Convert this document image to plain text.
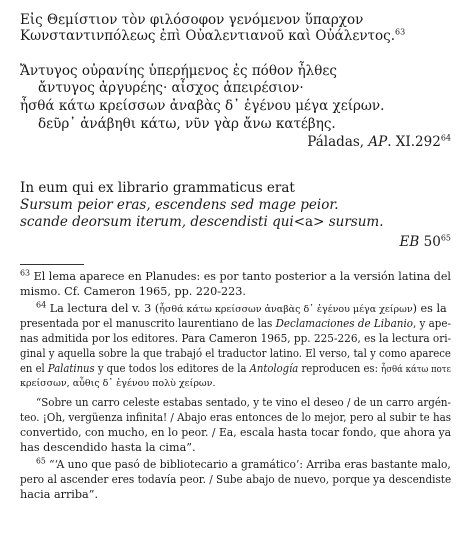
Εἰς Θεμίστιον τὸν φιλόσοφον γενόμενον ὕπαρχον
Κωνσταντινπόλεως ἐπὶ Οὐαλεντιανοῦ καὶ Οὐάλεντος.$^{63}$
Ἄντυγος οὐρανίης ὑπερήμενος ἐς πόθον ἦλθες
ἄντυγος ἀργυρέης· αἶσχος ἀπειρέσιον·
ἦσθά κάτω κρείσσων ἀναβὰς δ᾽ ἐγένου μέγα χείρων.
δεῦρ᾽ ἀνάβηθι κάτω, νῦν γὰρ ἄνω κατέβης.
Páladas, AP. XI.292$^{64}$
In eum qui ex librario grammaticus erat
Sursum peior eras, escendens sed mage peior.
scande deorsum iterum, descendisti qui<a> sursum.
EB $50^{65}$
$^{63}$ El lema aparece en Planudes: es por tanto posterior a la versión latina del
mismo. Cf. Cameron 1965, pp. 220-223.
$^{64}$ La lectura del v. 3 (ἦσθά κάτω κρείσσων ἀναβὰς δ᾽ ἐγένου μέγα χείρων) es la
presentada por el manuscrito laurentiano de las Declamaciones de Libanio, y ape-
nas admitida por los editores. Para Cameron 1965, pp. 225-226, es la lectura ori-
ginal y aquella sobre la que trabajó el traductor latino. El verso, tal y como aparece
en el Palatinus y que todos los editores de la Antología reproducen es: ἦσθά κάτω ποτε
κρείσσων, αὖθις δ᾽ ἐγένου πολὺ χείρων.
“Sobre un carro celeste estabas sentado, y te vino el deseo / de un carro argén-
teo. ¡Oh, vergüenza infinita! / Abajo eras entonces de lo mejor, pero al subir te has
convertido, con mucho, en lo peor. / Ea, escala hasta tocar fondo, que ahora ya
has descendido hasta la cima”.
$^{65}$ “‘A uno que pasó de bibliotecario a gramático’: Arriba eras bastante malo,
pero al ascender eres todavía peor. / Sube abajo de nuevo, porque ya descendiste
hacia arriba”.
